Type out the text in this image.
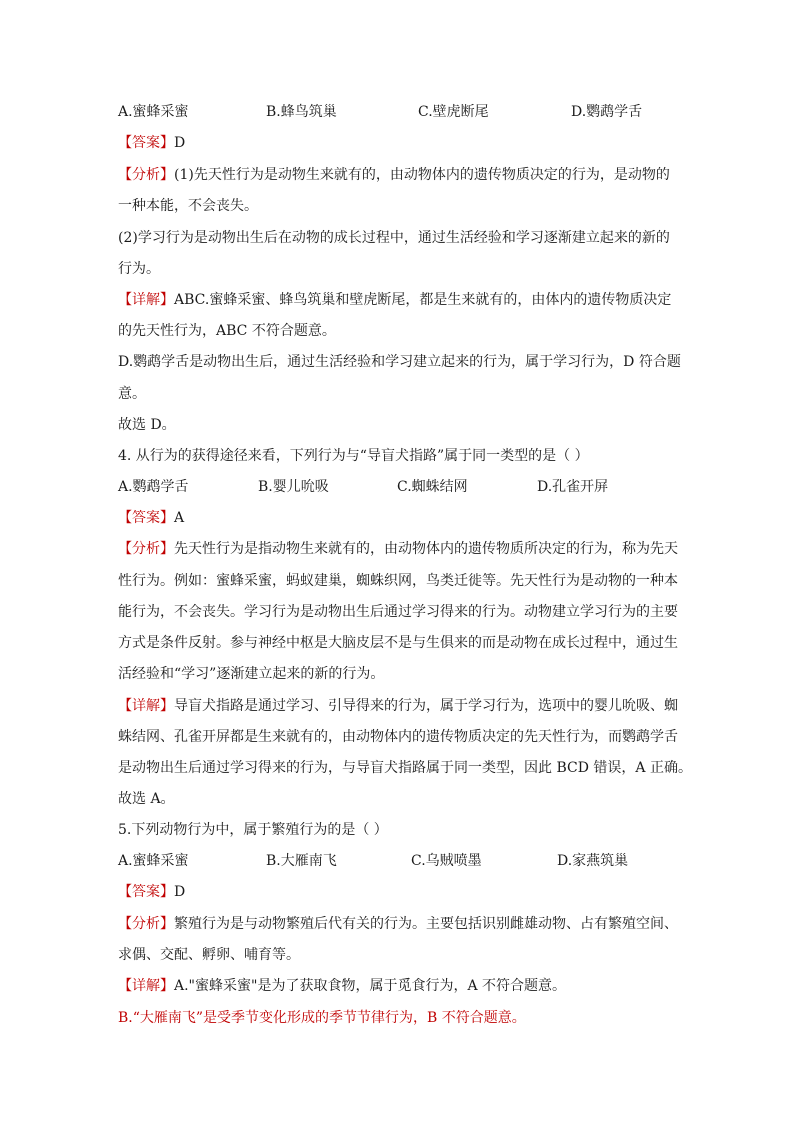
A.蜜蜂采蜜	B.蜂鸟筑巢	C.壁虎断尾	D.鹦鹉学舌
【答案】D
【分析】(1)先天性行为是动物生来就有的，由动物体内的遗传物质决定的行为，是动物的
一种本能，不会丧失。
(2)学习行为是动物出生后在动物的成长过程中，通过生活经验和学习逐渐建立起来的新的
行为。
【详解】ABC.蜜蜂采蜜、蜂鸟筑巢和壁虎断尾，都是生来就有的，由体内的遗传物质决定
的先天性行为，ABC 不符合题意。
D.鹦鹉学舌是动物出生后，通过生活经验和学习建立起来的行为，属于学习行为，D 符合题
意。
故选 D。
4. 从行为的获得途径来看，下列行为与“导盲犬指路”属于同一类型的是（ ）
A.鹦鹉学舌	B.婴儿吮吸	C.蜘蛛结网	D.孔雀开屏
【答案】A
【分析】先天性行为是指动物生来就有的，由动物体内的遗传物质所决定的行为，称为先天
性行为。例如：蜜蜂采蜜，蚂蚁建巢，蜘蛛织网，鸟类迁徙等。先天性行为是动物的一种本
能行为，不会丧失。学习行为是动物出生后通过学习得来的行为。动物建立学习行为的主要
方式是条件反射。参与神经中枢是大脑皮层不是与生俱来的而是动物在成长过程中，通过生
活经验和“学习”逐渐建立起来的新的行为。
【详解】导盲犬指路是通过学习、引导得来的行为，属于学习行为，选项中的婴儿吮吸、蜘
蛛结网、孔雀开屏都是生来就有的，由动物体内的遗传物质决定的先天性行为，而鹦鹉学舌
是动物出生后通过学习得来的行为，与导盲犬指路属于同一类型，因此 BCD 错误，A 正确。
故选 A。
5.下列动物行为中，属于繁殖行为的是（ ）
A.蜜蜂采蜜	B.大雁南飞	C.乌贼喷墨	D.家燕筑巢
【答案】D
【分析】繁殖行为是与动物繁殖后代有关的行为。主要包括识别雌雄动物、占有繁殖空间、
求偶、交配、孵卵、哺育等。
【详解】A."蜜蜂采蜜"是为了获取食物，属于觅食行为，A 不符合题意。
B.“大雁南飞”是受季节变化形成的季节节律行为，B 不符合题意。
